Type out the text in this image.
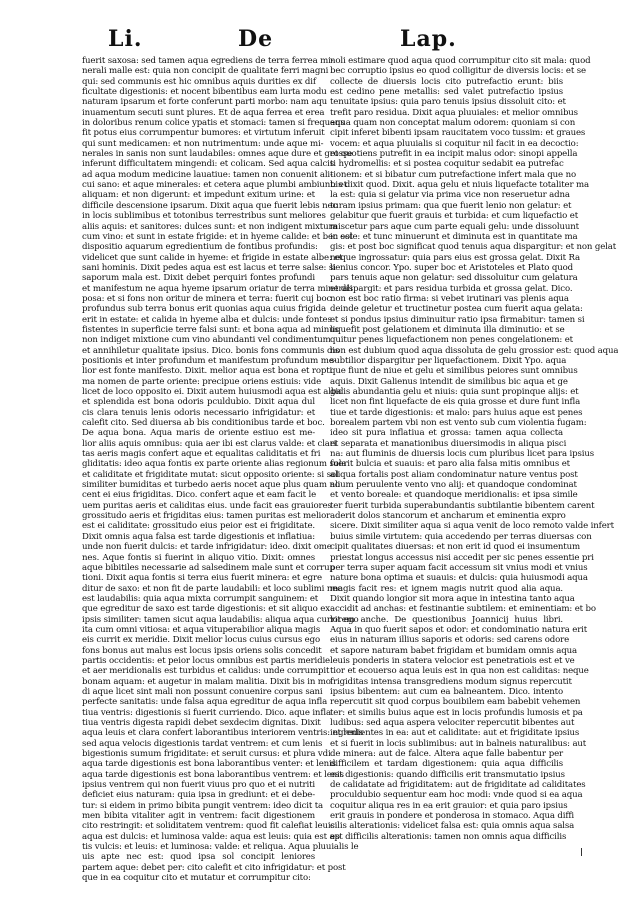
Li.	De	Lap.
fuerit saxosa: sed tamen aqua egrediens de terra ferrea mi-
nerali malle est: quia non concipit de qualitate ferri magni
qui: sed communis est hic omnibus aquis durities ex dif
ficultate digestionis: et nocent bibentibus eam lurta modu
naturam ipsarum et forte conferunt parti morbo: nam aqu
inuamentum secuti sunt plures. Et de aqua ferrea et erea
in doloribus renum colice ypatis et stomaci: tamen si frequens
fit potus eius corrumpentur bumores: et virtutum inferuit
qui sunt medicamen: et non nutrimentum: unde aque mi-
nerales in sanis non sunt laudabiles: omnes aque dure et grosse
inferunt difficultatem mingendi: et colicam. Sed aqua calcis
ad aqua modum medicine lauatiue: tamen non conuenit ali-
cui sano: et aque minerales: et cetera aque plumbi ambiunt: et
aliquam: et non digerunt: et impedunt exitum urine: et
difficile descensione ipsarum. Dixit aqua que fuerit lebis nec
in locis sublimibus et totonibus terrestribus sunt meliores
aliis aquis: et sanitores: dulces sunt: et non indigent mixtura
cum vino: et sunt in estate frigide: et in hyeme calide: et bec est
dispositio aquarum egredientium de fontibus profundis:
videlicet que sunt calide in hyeme: et frigide in estate albe: et
sani hominis. Dixit pedes aqua est est lacus et terre salse: si
saporum mala est. Dixit debet perquiri fontes profundi
et manifestum ne aqua hyeme ipsarum oriatur de terra minerali
posa: et si fons non oritur de minera et terra: fuerit cuj boc
profundus sub terra bonus erit quonias aqua cuius frigida
erit in estate: et calida in hyeme alba et dulcis: unde fontes
fistentes in superficie terre falsi sunt: et bona aqua ad minus
non indiget mixtione cum vino abundanti vel condimentum
et annihiletur qualitate ipsius. Dico. bonis fons communis dis
positionis et inter profundum et manifestum profundum me-
lior est fonte manifesto. Dixit. melior aqua est bona et ropti
ma nomen de parte oriente: precipue oriens estiuis: vide
licet de loco opposito ei. Dixit autem huiusmodi aqua est alba
et splendida est bona odoris pculdubio. Dixit aqua dul
cis clara tenuis lenis odoris necessario infrigidatur: et
calefit cito. Sed diuersa ab bis conditionibus tarde et boc.
De aqua bona. Aqua maris de oriente estiuo est me-
lior aliis aquis omnibus: quia aer ibi est clarus valde: et clari
tas aeris magis confert aque et equalitas caliditatis et fri
gliditatis: ideo aqua fontis ex parte oriente alias regionum sola
et caliditate et frigiditate mutat: sicut opposito oriente: si sol
similiter bumiditas et turbedo aeris nocet aque plus quam no
cent ei eius frigiditas. Dico. confert aque et eam facit le
uem puritas aeris et caliditas eius. unde facit eas grauiores
grossitudo aeris et frigiditas eius: tamen puritas est melior
est ei caliditate: grossitudo eius peior est ei frigiditate.
Dixit omnis aqua falsa est tarde digestionis et inflatiua:
unde non fuerit dulcis: et tarde infrigidatur: ideo. dixit ome
nes. Aque fontis si fuerint in aliquo vitio. Dixit: omnes
aque bibitiles necessarie ad salsedinem male sunt et corrup
tioni. Dixit aqua fontis si terra eius fuerit minera: et egre
ditur de saxo: et non fit de parte laudabili: et loco sublimi nec
est laudabilis: quia aqua mixta corrumpit sanguinem: et
que egreditur de saxo est tarde digestionis: et sit aliquo ex
ipsis similiter: tamen sicut aqua laudabilis: aliqua aqua currit ego
ita cum omni vitiosa: et aqua vituperabilior aliqua magis
eis currit ex meridie. Dixit melior locus cuius cursus ego
fons bonus aut malus est locus ipsis oriens solis concedit
partis occidentis: et peior locus omnibus est partis meridie
et aer meridionalis est turbidus et calidus: unde corrumpit
bonam aquam: et augetur in malam malitia. Dixit bis in mo
di aque licet sint mali non possunt conuenire corpus sani
perfecte sanitatis: unde falsa aqua egreditur de aqua infla
tiua ventris: digestionis si fuerit curriendo. Dico. aque infla
tiua ventris digesta rapidi debet sexdecim dignitas. Dixit
aqua leuis et clara confert laborantibus interiorem ventris: et lenis
sed aqua velocis digestionis tardat ventrem: et cum lenis
bigestionis sumum frigiditate: et seruit cursus: et plura vdi
aqua tarde digestionis est bona laborantibus venter: et lenis
aqua tarde digestionis est bona laborantibus ventrem: et lenis
ipsius ventrem qui non fuerit viuus pro quo et ei nutriti
deficiet eius naturam: quia ipsa in grediunt: et ei debe-
tur: si eidem in primo bibita pungit ventrem: ideo dicit ta
men bibita vitaliter agit in ventrem: facit digestionem
cito restringit: et soliditatem ventrem: quod fit calefiat leuis
aqua est dulcis: et luminosa valde: aqua est leuis: quia est ap
tis vulcis: et leuis: et luminosa: valde: et reliqua. Aqua pluuialis le
uis apte nec est: quod ipsa sol concipit leniores
partem aque: debet per: cito calefit et cito infrigidatur: et post
que in ea coquitur cito et mutatur et corrumpitur cito:
noli estimare quod aqua quod corrumpitur cito sit mala: quod
bec corruptio ipsius eo quod colligitur de diversis locis: et se
collecte de diuersis locis cito putrefactio erunt: biis
est cedino pene metallis: sed valet putrefactio ipsius
tenuitate ipsius: quia paro tenuis ipsius dissoluit cito: et
trefit paro residua. Dixit aqua pluuiales: et melior omnibus
aqua quam non conceptat malum odorem: quoniam si con
cipit inferet bibenti ipsam raucitatem voco tussim: et graues
vocem: et aqua pluuialis si coquitur nil facit in ea decoctio:
et quotiens putrefit in ea incipit malus odor: sinopi appella
ti hydromellis: et si postea coquitur sedabit ea putrefac
tionem: et si bibatur cum putrefactione infert mala que no
bis dixit quod. Dixit. aqua gelu et niuis liquefacte totaliter ma
la est: quia si gelatur via prima vice non reseruetur adna
turam ipsius primam: qua que fuerit lenio non gelatur: et
gelabitur que fuerit grauis et turbida: et cum liquefactio et
miscetur pars aque cum parte equali gelu: unde dissoluunt
in sole: et tunc minuerunt et diminuta est in quantitate ma
gis: et post boc significat quod tenuis aqua dispargitur: et non gelat
neque ingrossatur: quia pars eius est grossa gelat. Dixit Ra
lienius concor. Ypo. super boc et Aristoteles et Plato quod
pars tenuis aque non gelatur: sed dissoluitur cum gelatura
et dispargit: et pars residua turbida et grossa gelat. Dico.
non est boc ratio firma: si vebet irutinari vas plenis aqua
deinde geletur et tructinetur postea cum fuerit aqua gelata:
et si pondus ipsius diminuitur ratio ipsa firmabitur: tamen si
liquefit post gelationem et diminuta illa diminutio: et se
quitur penes liquefactionem non penes congelationem: et
non est dubium quod aqua dissoluta de gelu grossior est: quod aqua
subtilior dispargitur per liquefactionem. Dixit Ypo. aqua
que fiunt de niue et gelu et similibus peiores sunt omnibus
aquis. Dixit Galienus intendit de similibus bic aqua et ge
gidis abundantia gelu et niuis: quia sunt propinque alijs: et
licet non fint liquefacte de eis quia grosse et dure funt infla
tiue et tarde digestionis: et malo: pars huius aque est penes
borealem partem vbi non est vento sub cum violentia fugam:
ideo sit pura inflatiua et grossa: tamen aqua collecta
et separata et manationibus diuersimodis in aliqua pisci
na: aut fluminis de diuersis locis cum pluribus licet para ipsius
fuerit bulcia et suauis: et paro alia falsa mitis omnibus et
aliqua fortalis post aliam condominatur nature ventus post
alium peruulente vento vno alij: et quandoque condominat
et vento boreale: et quandoque meridionalis: et ipsa simile
ter fuerit turbida superabundantis subtilantie bibentem carent
aderit dolos stancorum et ancharum et eminentia expro
sicere. Dixit similiter aqua si aqua venit de loco remoto valde infert
buius simile virtutem: quia accedendo per terras diuersas con
cipit qualitates diuersas: et non erit id quod ei insumentum
priestat longus accessus nisi accedit per sic penes essentie pri
per terra super aquam facit accessum sit vnius modi et vnius
nature bona optima et suauis: et dulcis: quia huiusmodi aqua
magis facit res: et ignem magis nutrit quod alia aqua.
Dixit quando longior sit mora aque in intestina tanto aqua
accidit ad anchas: et festinantie subtilem: et eminentiam: et bo
lorem anche. De questionibus Joannicij huius libri.
Aqua in quo fuerit sapos et odor: et condominatio natura erit
eius in naturam illius saporis et odoris: sed carens odore
et sapore naturam babet frigidam et bumidam omnis aqua
leuis ponderis in statera velocior est penetratiois est et ve
tior et ecouerso aqua leuis est in qua non est caliditas: neque
frigiditas intensa transgrediens modum signus repercutit
ipsius bibentem: aut cum ea balneantem. Dico. intento
repercutit sit quod corpus bouibilem eam babebit vehemen
ter: et similis buius aque est in locis profundis lumosis et pa
ludibus: sed aqua aspera velociter repercutit bibentes aut
ingredientes in ea: aut et caliditate: aut et frigiditate ipsius
et si fuerit in locis sublimibus: aut in balneis naturalibus: aut
de minera: aut de falce. Altera aque falle babentur per
difficilem et tardam digestionem: quia aqua difficilis
est digestionis: quando difficilis erit transmutatio ipsius
de calidatate ad frigiditatem: aut de frigiditate ad caliditates
proculdubio sequentur eam hoc modi: vnde quod si ea aqua
coquitur aliqua res in ea erit grauior: et quia paro ipsius
erit grauis in pondere et ponderosa in stomaco. Aqua diffi
cilis alterationis: videlicet falsa est: quia omnis aqua salsa
est difficilis alterationis: tamen non omnis aqua difficilis
